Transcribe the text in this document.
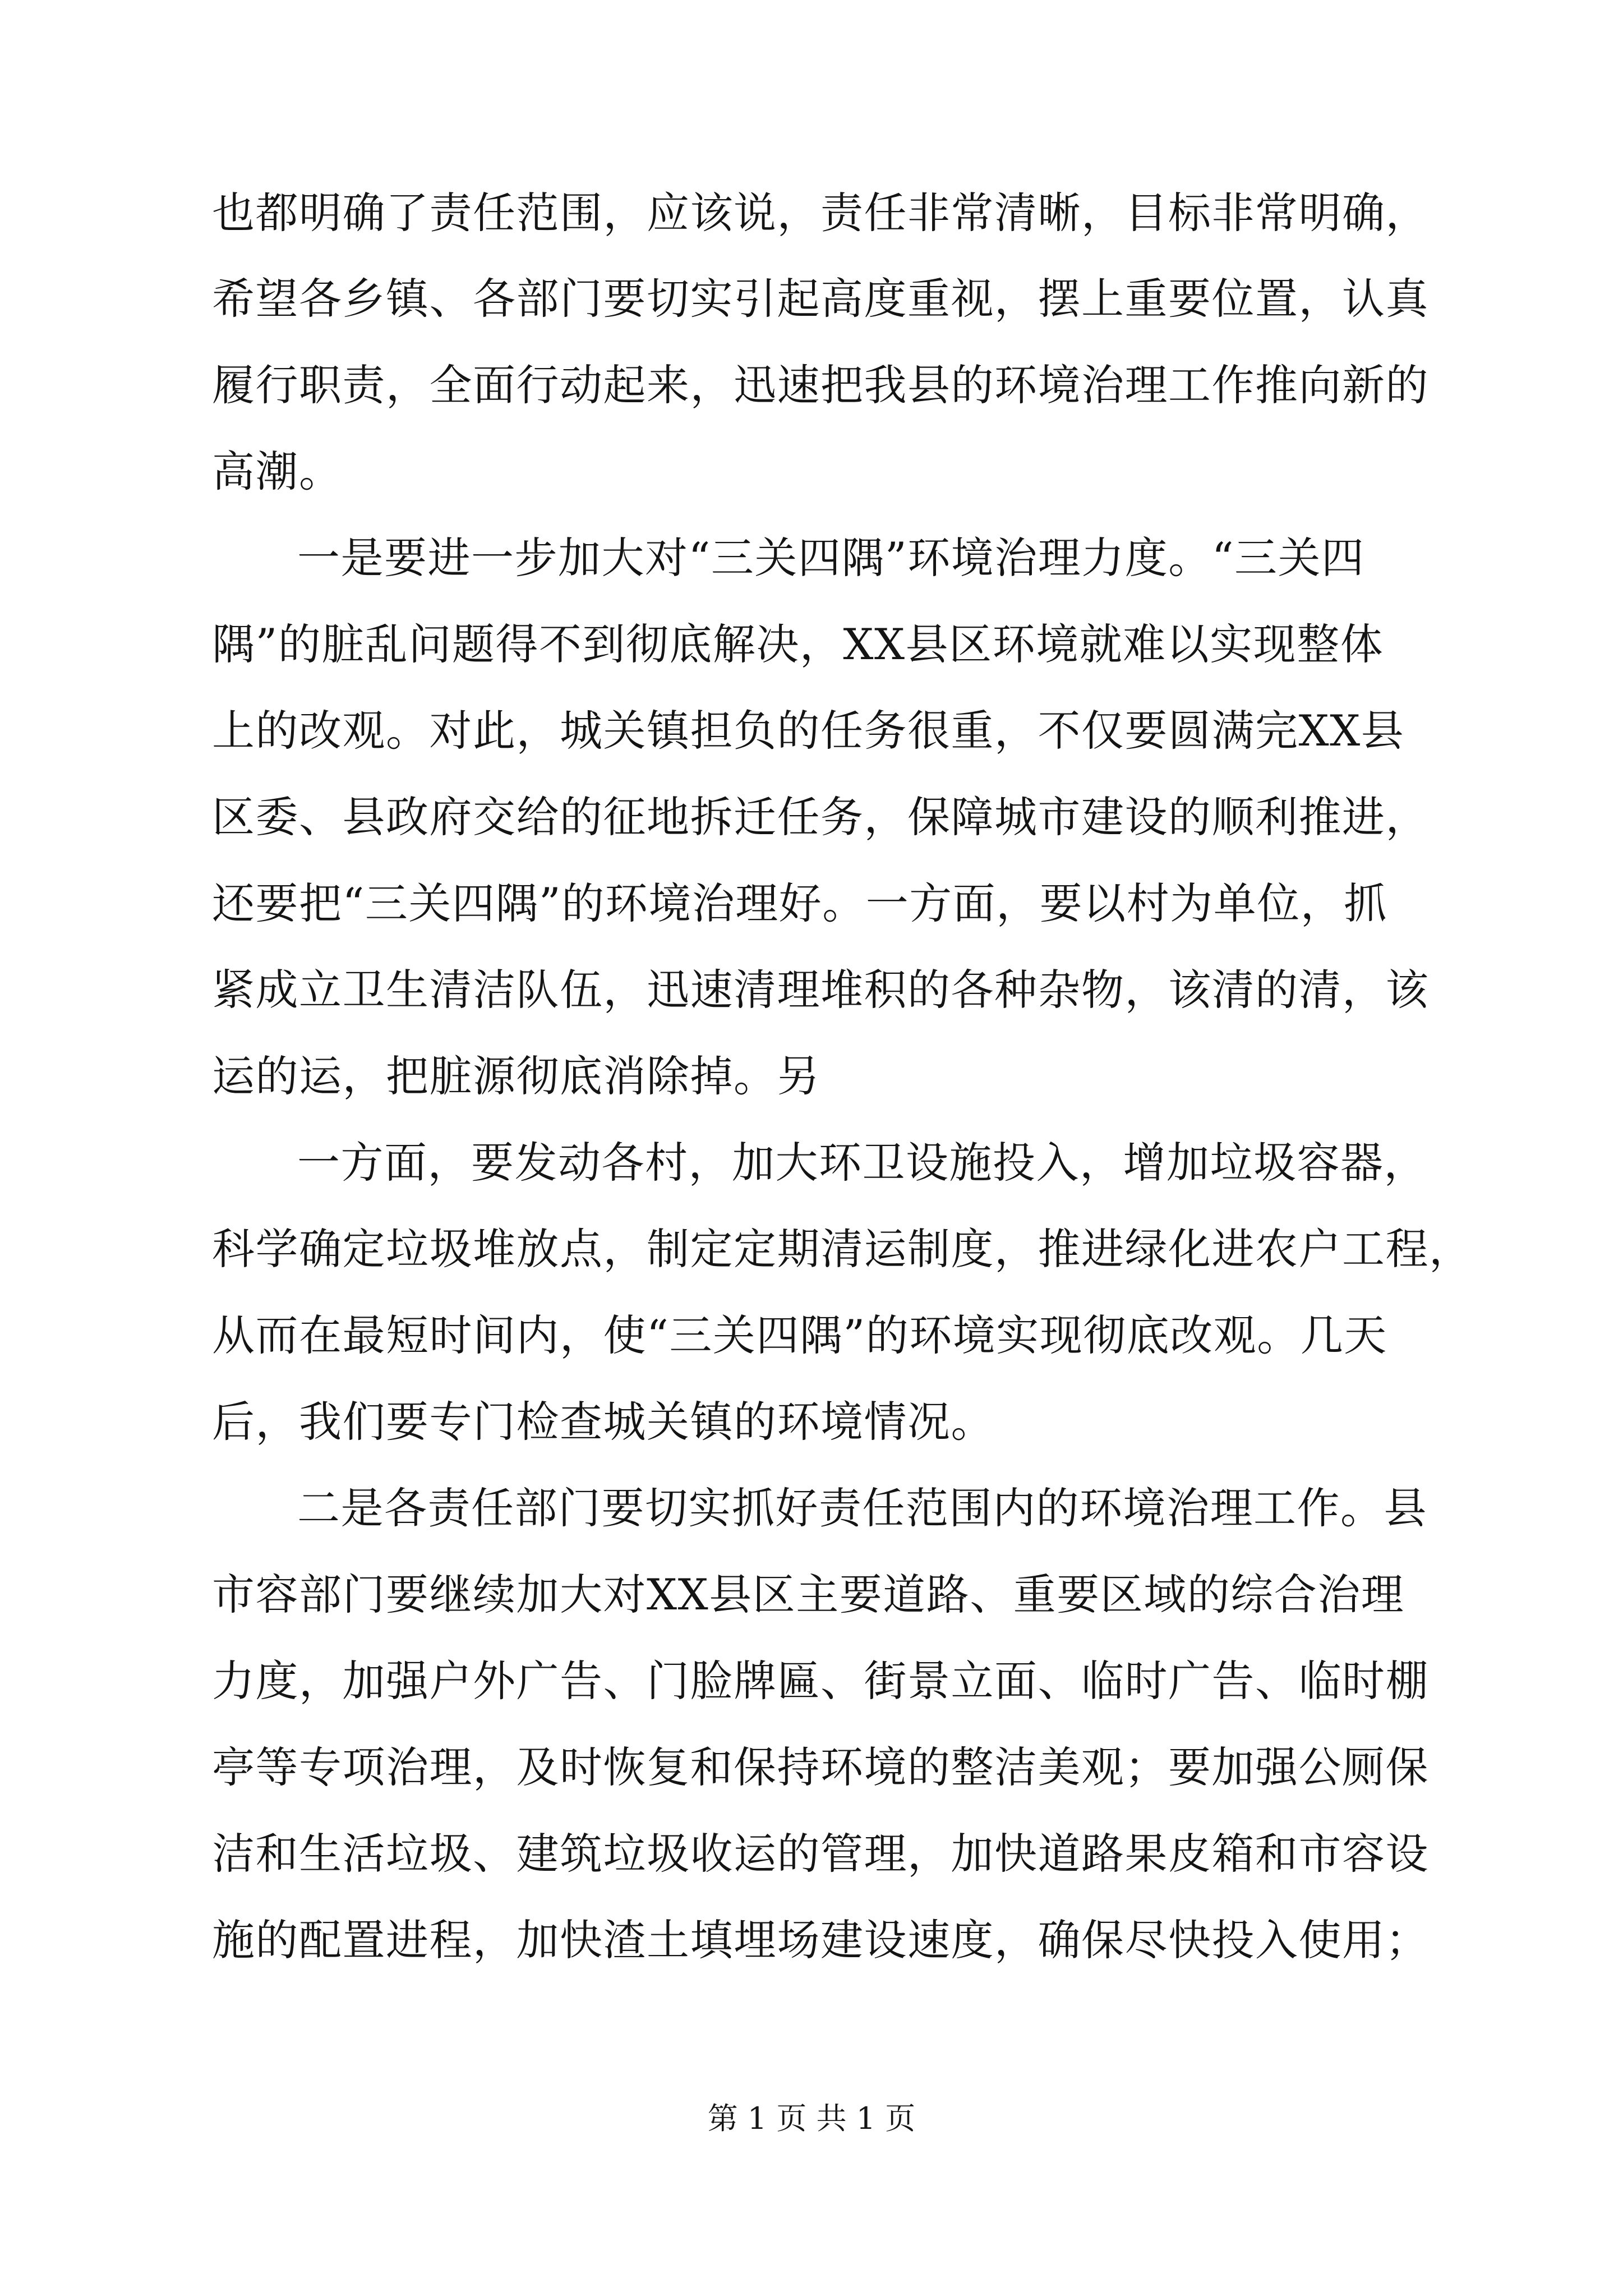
也都明确了责任范围，应该说，责任非常清晰，目标非常明确，
希望各乡镇、各部门要切实引起高度重视，摆上重要位置，认真
履行职责，全面行动起来，迅速把我县的环境治理工作推向新的
高潮。
一是要进一步加大对“三关四隅”环境治理力度。“三关四
隅”的脏乱问题得不到彻底解决，XX县区环境就难以实现整体
上的改观。对此，城关镇担负的任务很重，不仅要圆满完XX县
区委、县政府交给的征地拆迁任务，保障城市建设的顺利推进，
还要把“三关四隅”的环境治理好。一方面，要以村为单位，抓
紧成立卫生清洁队伍，迅速清理堆积的各种杂物，该清的清，该
运的运，把脏源彻底消除掉。另
一方面，要发动各村，加大环卫设施投入，增加垃圾容器，
科学确定垃圾堆放点，制定定期清运制度，推进绿化进农户工程，
从而在最短时间内，使“三关四隅”的环境实现彻底改观。几天
后，我们要专门检查城关镇的环境情况。
二是各责任部门要切实抓好责任范围内的环境治理工作。县
市容部门要继续加大对XX县区主要道路、重要区域的综合治理
力度，加强户外广告、门脸牌匾、街景立面、临时广告、临时棚
亭等专项治理，及时恢复和保持环境的整洁美观；要加强公厕保
洁和生活垃圾、建筑垃圾收运的管理，加快道路果皮箱和市容设
施的配置进程，加快渣土填埋场建设速度，确保尽快投入使用；
第 1 页 共 1 页
